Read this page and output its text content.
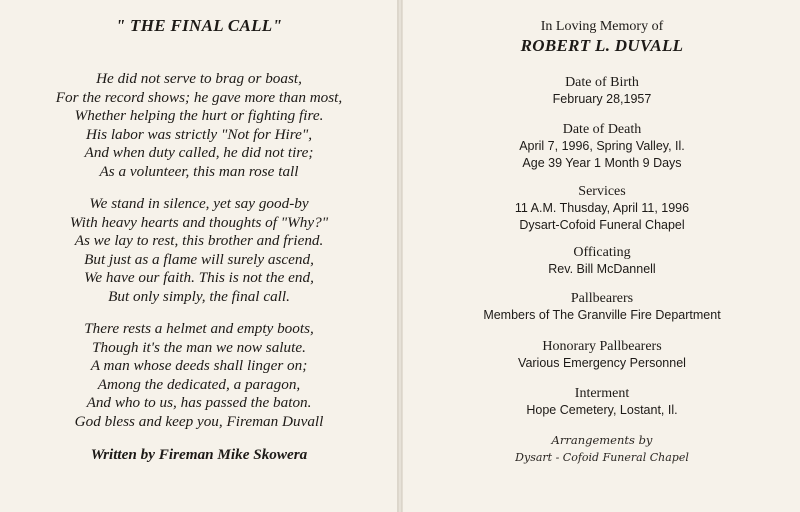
" THE FINAL CALL"
He did not serve to brag or boast,
For the record shows; he gave more than most,
Whether helping the hurt or fighting fire.
His labor was strictly "Not for Hire",
And when duty called, he did not tire;
As a volunteer, this man rose tall
We stand in silence, yet say good-by
With heavy hearts and thoughts of "Why?"
As we lay to rest, this brother and friend.
But just as a flame will surely ascend,
We have our faith. This is not the end,
But only simply, the final call.
There rests a helmet and empty boots,
Though it's the man we now salute.
A man whose deeds shall linger on;
Among the dedicated, a paragon,
And who to us, has passed the baton.
God bless and keep you, Fireman Duvall
Written by Fireman Mike Skowera
In Loving Memory of
ROBERT L. DUVALL
Date of Birth
February 28,1957
Date of Death
April 7, 1996, Spring Valley, Il.
Age 39 Year 1 Month 9 Days
Services
11 A.M. Thusday, April 11, 1996
Dysart-Cofoid Funeral Chapel
Officating
Rev. Bill McDannell
Pallbearers
Members of The Granville Fire Department
Honorary Pallbearers
Various Emergency Personnel
Interment
Hope Cemetery, Lostant, Il.
Arrangements by
Dysart - Cofoid Funeral Chapel
